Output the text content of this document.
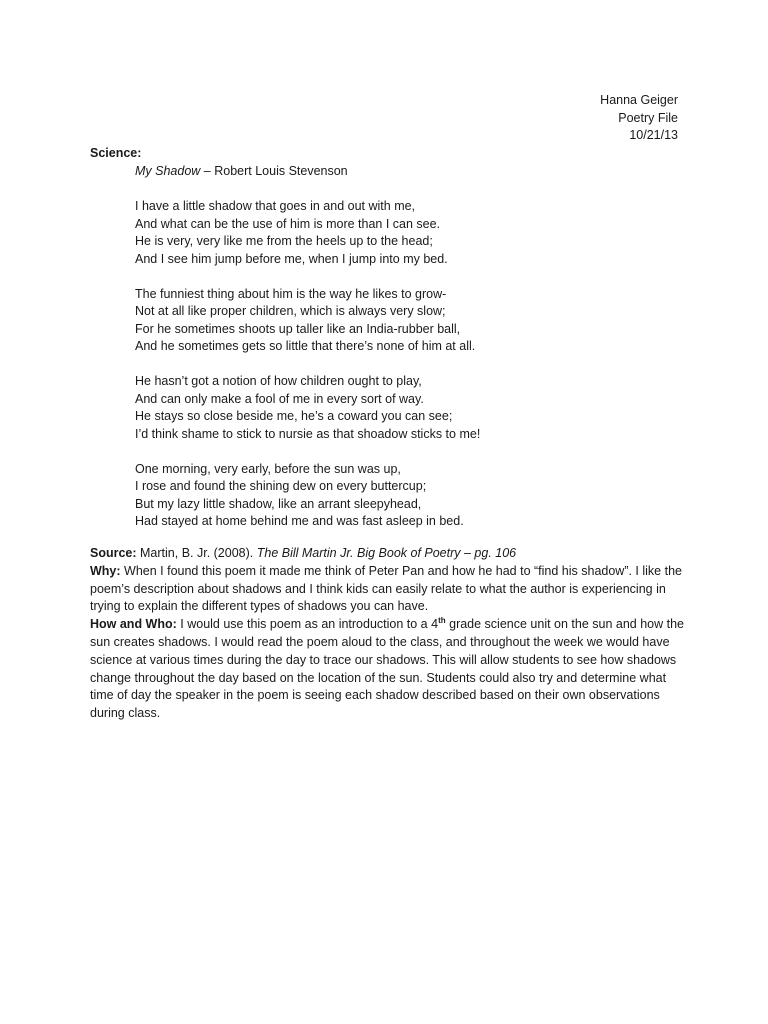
Hanna Geiger
Poetry File
10/21/13
Science:
My Shadow – Robert Louis Stevenson
I have a little shadow that goes in and out with me,
And what can be the use of him is more than I can see.
He is very, very like me from the heels up to the head;
And I see him jump before me, when I jump into my bed.
The funniest thing about him is the way he likes to grow-
Not at all like proper children, which is always very slow;
For he sometimes shoots up taller like an India-rubber ball,
And he sometimes gets so little that there’s none of him at all.
He hasn’t got a notion of how children ought to play,
And can only make a fool of me in every sort of way.
He stays so close beside me, he’s a coward you can see;
I’d think shame to stick to nursie as that shoadow sticks to me!
One morning, very early, before the sun was up,
I rose and found the shining dew on every buttercup;
But my lazy little shadow, like an arrant sleepyhead,
Had stayed at home behind me and was fast asleep in bed.

Source: Martin, B. Jr. (2008). The Bill Martin Jr. Big Book of Poetry – pg. 106

Why: When I found this poem it made me think of Peter Pan and how he had to “find his shadow”. I like the poem’s description about shadows and I think kids can easily relate to what the author is experiencing in trying to explain the different types of shadows you can have.

How and Who: I would use this poem as an introduction to a 4th grade science unit on the sun and how the sun creates shadows. I would read the poem aloud to the class, and throughout the week we would have science at various times during the day to trace our shadows. This will allow students to see how shadows change throughout the day based on the location of the sun. Students could also try and determine what time of day the speaker in the poem is seeing each shadow described based on their own observations during class.
